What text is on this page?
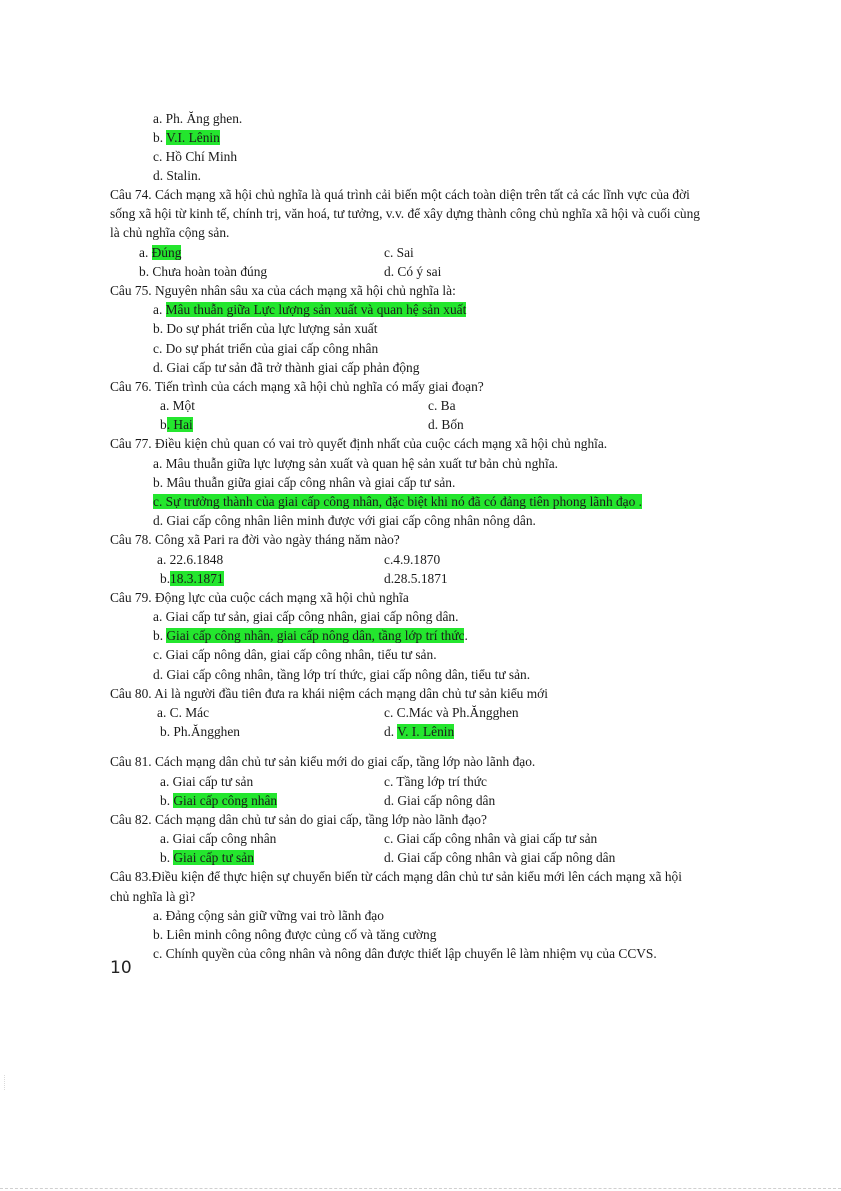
a. Ph. Ăng ghen.
b. V.I. Lênin
c. Hồ Chí Minh
d. Stalin.
Câu 74. Cách mạng xã hội chủ nghĩa là quá trình cải biến một cách toàn diện trên tất cả các lĩnh vực của đời
sống xã hội từ kinh tế, chính trị, văn hoá, tư tưởng, v.v. để xây dựng thành công chủ nghĩa xã hội và cuối cùng
là chủ nghĩa cộng sản.
a. Đúng	c. Sai
b. Chưa hoàn toàn đúng	d. Có ý sai
Câu 75. Nguyên nhân sâu xa của cách mạng xã hội chủ nghĩa là:
a. Mâu thuẫn giữa Lực lượng sản xuất và quan hệ sản xuất
b. Do sự phát triển của lực lượng sản xuất
c. Do sự phát triển của giai cấp công nhân
d. Giai cấp tư sản đã trở thành giai cấp phản động
Câu 76. Tiến trình của cách mạng xã hội chủ nghĩa có mấy giai đoạn?
a. Một	c. Ba
b. Hai	d. Bốn
Câu 77. Điều kiện chủ quan có vai trò quyết định nhất của cuộc cách mạng xã hội chủ nghĩa.
a. Mâu thuẫn giữa lực lượng sản xuất và quan hệ sản xuất tư bản chủ nghĩa.
b. Mâu thuẫn giữa giai cấp công nhân và giai cấp tư sản.
c. Sự trưởng thành của giai cấp công nhân, đặc biệt khi nó đã có đảng tiên phong lãnh đạo .
d. Giai cấp công nhân liên minh được với giai cấp công nhân nông dân.
Câu 78. Công xã Pari ra đời vào ngày tháng năm nào?
a. 22.6.1848	c.4.9.1870
b.18.3.1871	d.28.5.1871
Câu 79. Động lực của cuộc cách mạng xã hội chủ nghĩa
a. Giai cấp tư sản, giai cấp công nhân, giai cấp nông dân.
b. Giai cấp công nhân, giai cấp nông dân, tầng lớp trí thức.
c. Giai cấp nông dân, giai cấp công nhân, tiểu tư sản.
d. Giai cấp công nhân, tầng lớp trí thức, giai cấp nông dân, tiểu tư sản.
Câu 80. Ai là người đầu tiên đưa ra khái niệm cách mạng dân chủ tư sản kiểu mới
a. C. Mác	c. C.Mác và Ph.Ăngghen
b. Ph.Ăngghen	d. V. I. Lênin
Câu 81. Cách mạng dân chủ tư sản kiểu mới do giai cấp, tầng lớp nào lãnh đạo.
a. Giai cấp tư sản	c. Tầng lớp trí thức
b. Giai cấp công nhân	d. Giai cấp nông dân
Câu 82. Cách mạng dân chủ tư sản do giai cấp, tầng lớp nào lãnh đạo?
a. Giai cấp công nhân	c. Giai cấp công nhân và giai cấp tư sản
b. Giai cấp tư sản	d. Giai cấp công nhân và giai cấp nông dân
Câu 83.Điều kiện để thực hiện sự chuyển biến từ cách mạng dân chủ tư sản kiểu mới lên cách mạng xã hội
chủ nghĩa là gì?
a. Đảng cộng sản giữ vững vai trò lãnh đạo
b. Liên minh công nông được củng cố và tăng cường
c. Chính quyền của công nhân và nông dân được thiết lập chuyển lê làm nhiệm vụ của CCVS.
10
